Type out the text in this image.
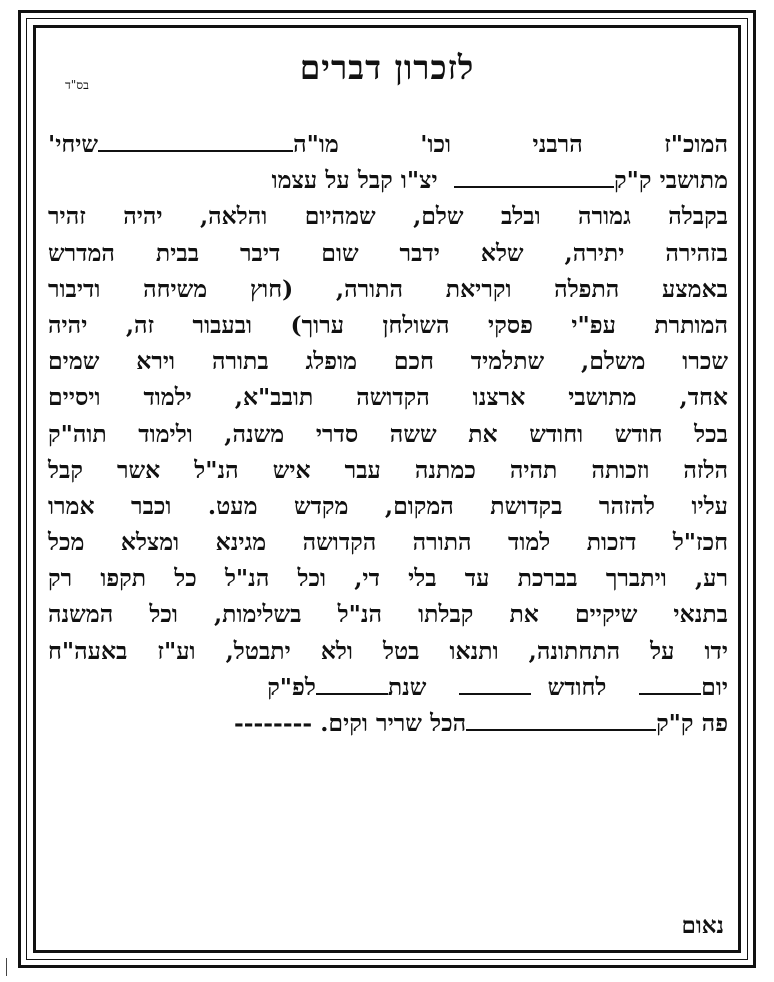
לזכרון דברים
בס"ד
המוכ"ז הרבני וכו' מו"השיחי'
מתושבי ק"ק  יצ"ו קבל על עצמו
בקבלה גמורה ובלב שלם, שמהיום והלאה, יהיה זהיר
בזהירה יתירה, שלא ידבר שום דיבר בבית המדרש
באמצע התפלה וקריאת התורה, (חוץ משיחה ודיבור
המותרת עפ"י פסקי השולחן ערוך) ובעבור זה, יהיה
שכרו משלם, שתלמיד חכם מופלג בתורה וירא שמים
אחד, מתושבי ארצנו הקדושה תובב"א, ילמוד ויסיים
בכל חודש וחודש את ששה סדרי משנה, ולימוד תוה"ק
הלזה וזכותה תהיה כמתנה עבר איש הנ"ל אשר קבל
עליו להזהר בקדושת המקום, מקדש מעט. וכבר אמרו
חכז"ל דזכות למוד התורה הקדושה מגינא ומצלא מכל
רע, ויתברך בברכת עד בלי די, וכל הנ"ל כל תקפו רק
בתנאי שיקיים את קבלתו הנ"ל בשלימות, וכל המשנה
ידו על התחתונה, ותנאו בטל ולא יתבטל, וע"ז באעה"ח
יום    לחודש      שנתלפ"ק
פה ק"קהכל שריר וקים. --------
נאום
